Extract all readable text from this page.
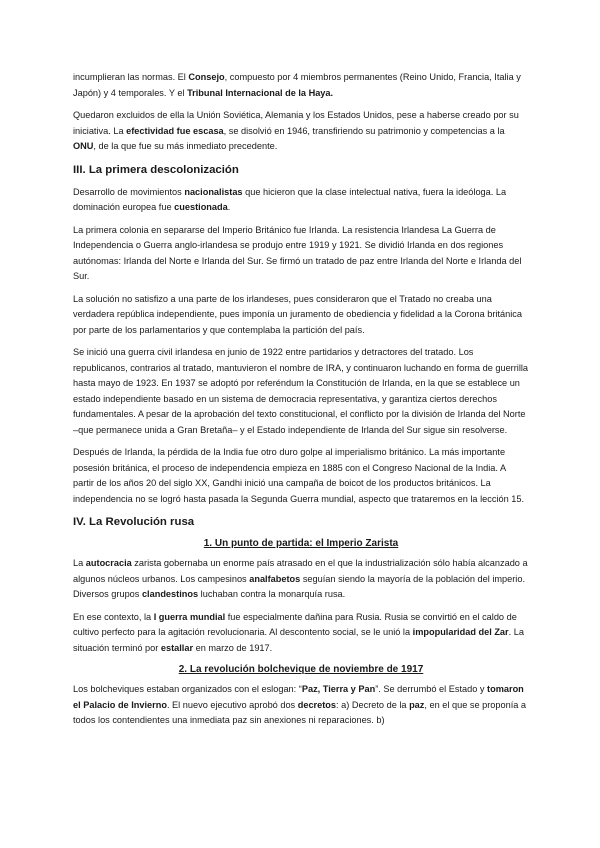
incumplieran las normas. El Consejo, compuesto por 4 miembros permanentes (Reino Unido, Francia, Italia y Japón) y 4 temporales. Y el Tribunal Internacional de la Haya.

Quedaron excluidos de ella la Unión Soviética, Alemania y los Estados Unidos, pese a haberse creado por su iniciativa. La efectividad fue escasa, se disolvió en 1946, transfiriendo su patrimonio y competencias a la ONU, de la que fue su más inmediato precedente.

III. La primera descolonización

Desarrollo de movimientos nacionalistas que hicieron que la clase intelectual nativa, fuera la ideóloga. La dominación europea fue cuestionada.

La primera colonia en separarse del Imperio Británico fue Irlanda. La resistencia Irlandesa La Guerra de Independencia o Guerra anglo-irlandesa se produjo entre 1919 y 1921. Se dividió Irlanda en dos regiones autónomas: Irlanda del Norte e Irlanda del Sur. Se firmó un tratado de paz entre Irlanda del Norte e Irlanda del Sur.

La solución no satisfizo a una parte de los irlandeses, pues consideraron que el Tratado no creaba una verdadera república independiente, pues imponía un juramento de obediencia y fidelidad a la Corona británica por parte de los parlamentarios y que contemplaba la partición del país.

Se inició una guerra civil irlandesa en junio de 1922 entre partidarios y detractores del tratado. Los republicanos, contrarios al tratado, mantuvieron el nombre de IRA, y continuaron luchando en forma de guerrilla hasta mayo de 1923. En 1937 se adoptó por referéndum la Constitución de Irlanda, en la que se establece un estado independiente basado en un sistema de democracia representativa, y garantiza ciertos derechos fundamentales. A pesar de la aprobación del texto constitucional, el conflicto por la división de Irlanda del Norte –que permanece unida a Gran Bretaña– y el Estado independiente de Irlanda del Sur sigue sin resolverse.

Después de Irlanda, la pérdida de la India fue otro duro golpe al imperialismo británico. La más importante posesión británica, el proceso de independencia empieza en 1885 con el Congreso Nacional de la India. A partir de los años 20 del siglo XX, Gandhi inició una campaña de boicot de los productos británicos. La independencia no se logró hasta pasada la Segunda Guerra mundial, aspecto que trataremos en la lección 15.

IV. La Revolución rusa
1. Un punto de partida: el Imperio Zarista

La autocracia zarista gobernaba un enorme país atrasado en el que la industrialización sólo había alcanzado a algunos núcleos urbanos. Los campesinos analfabetos seguían siendo la mayoría de la población del imperio. Diversos grupos clandestinos luchaban contra la monarquía rusa.

En ese contexto, la I guerra mundial fue especialmente dañina para Rusia. Rusia se convirtió en el caldo de cultivo perfecto para la agitación revolucionaria. Al descontento social, se le unió la impopularidad del Zar. La situación terminó por estallar en marzo de 1917.

2. La revolución bolchevique de noviembre de 1917

Los bolcheviques estaban organizados con el eslogan: “Paz, Tierra y Pan”. Se derrumbó el Estado y tomaron el Palacio de Invierno. El nuevo ejecutivo aprobó dos decretos: a) Decreto de la paz, en el que se proponía a todos los contendientes una inmediata paz sin anexiones ni reparaciones. b)
